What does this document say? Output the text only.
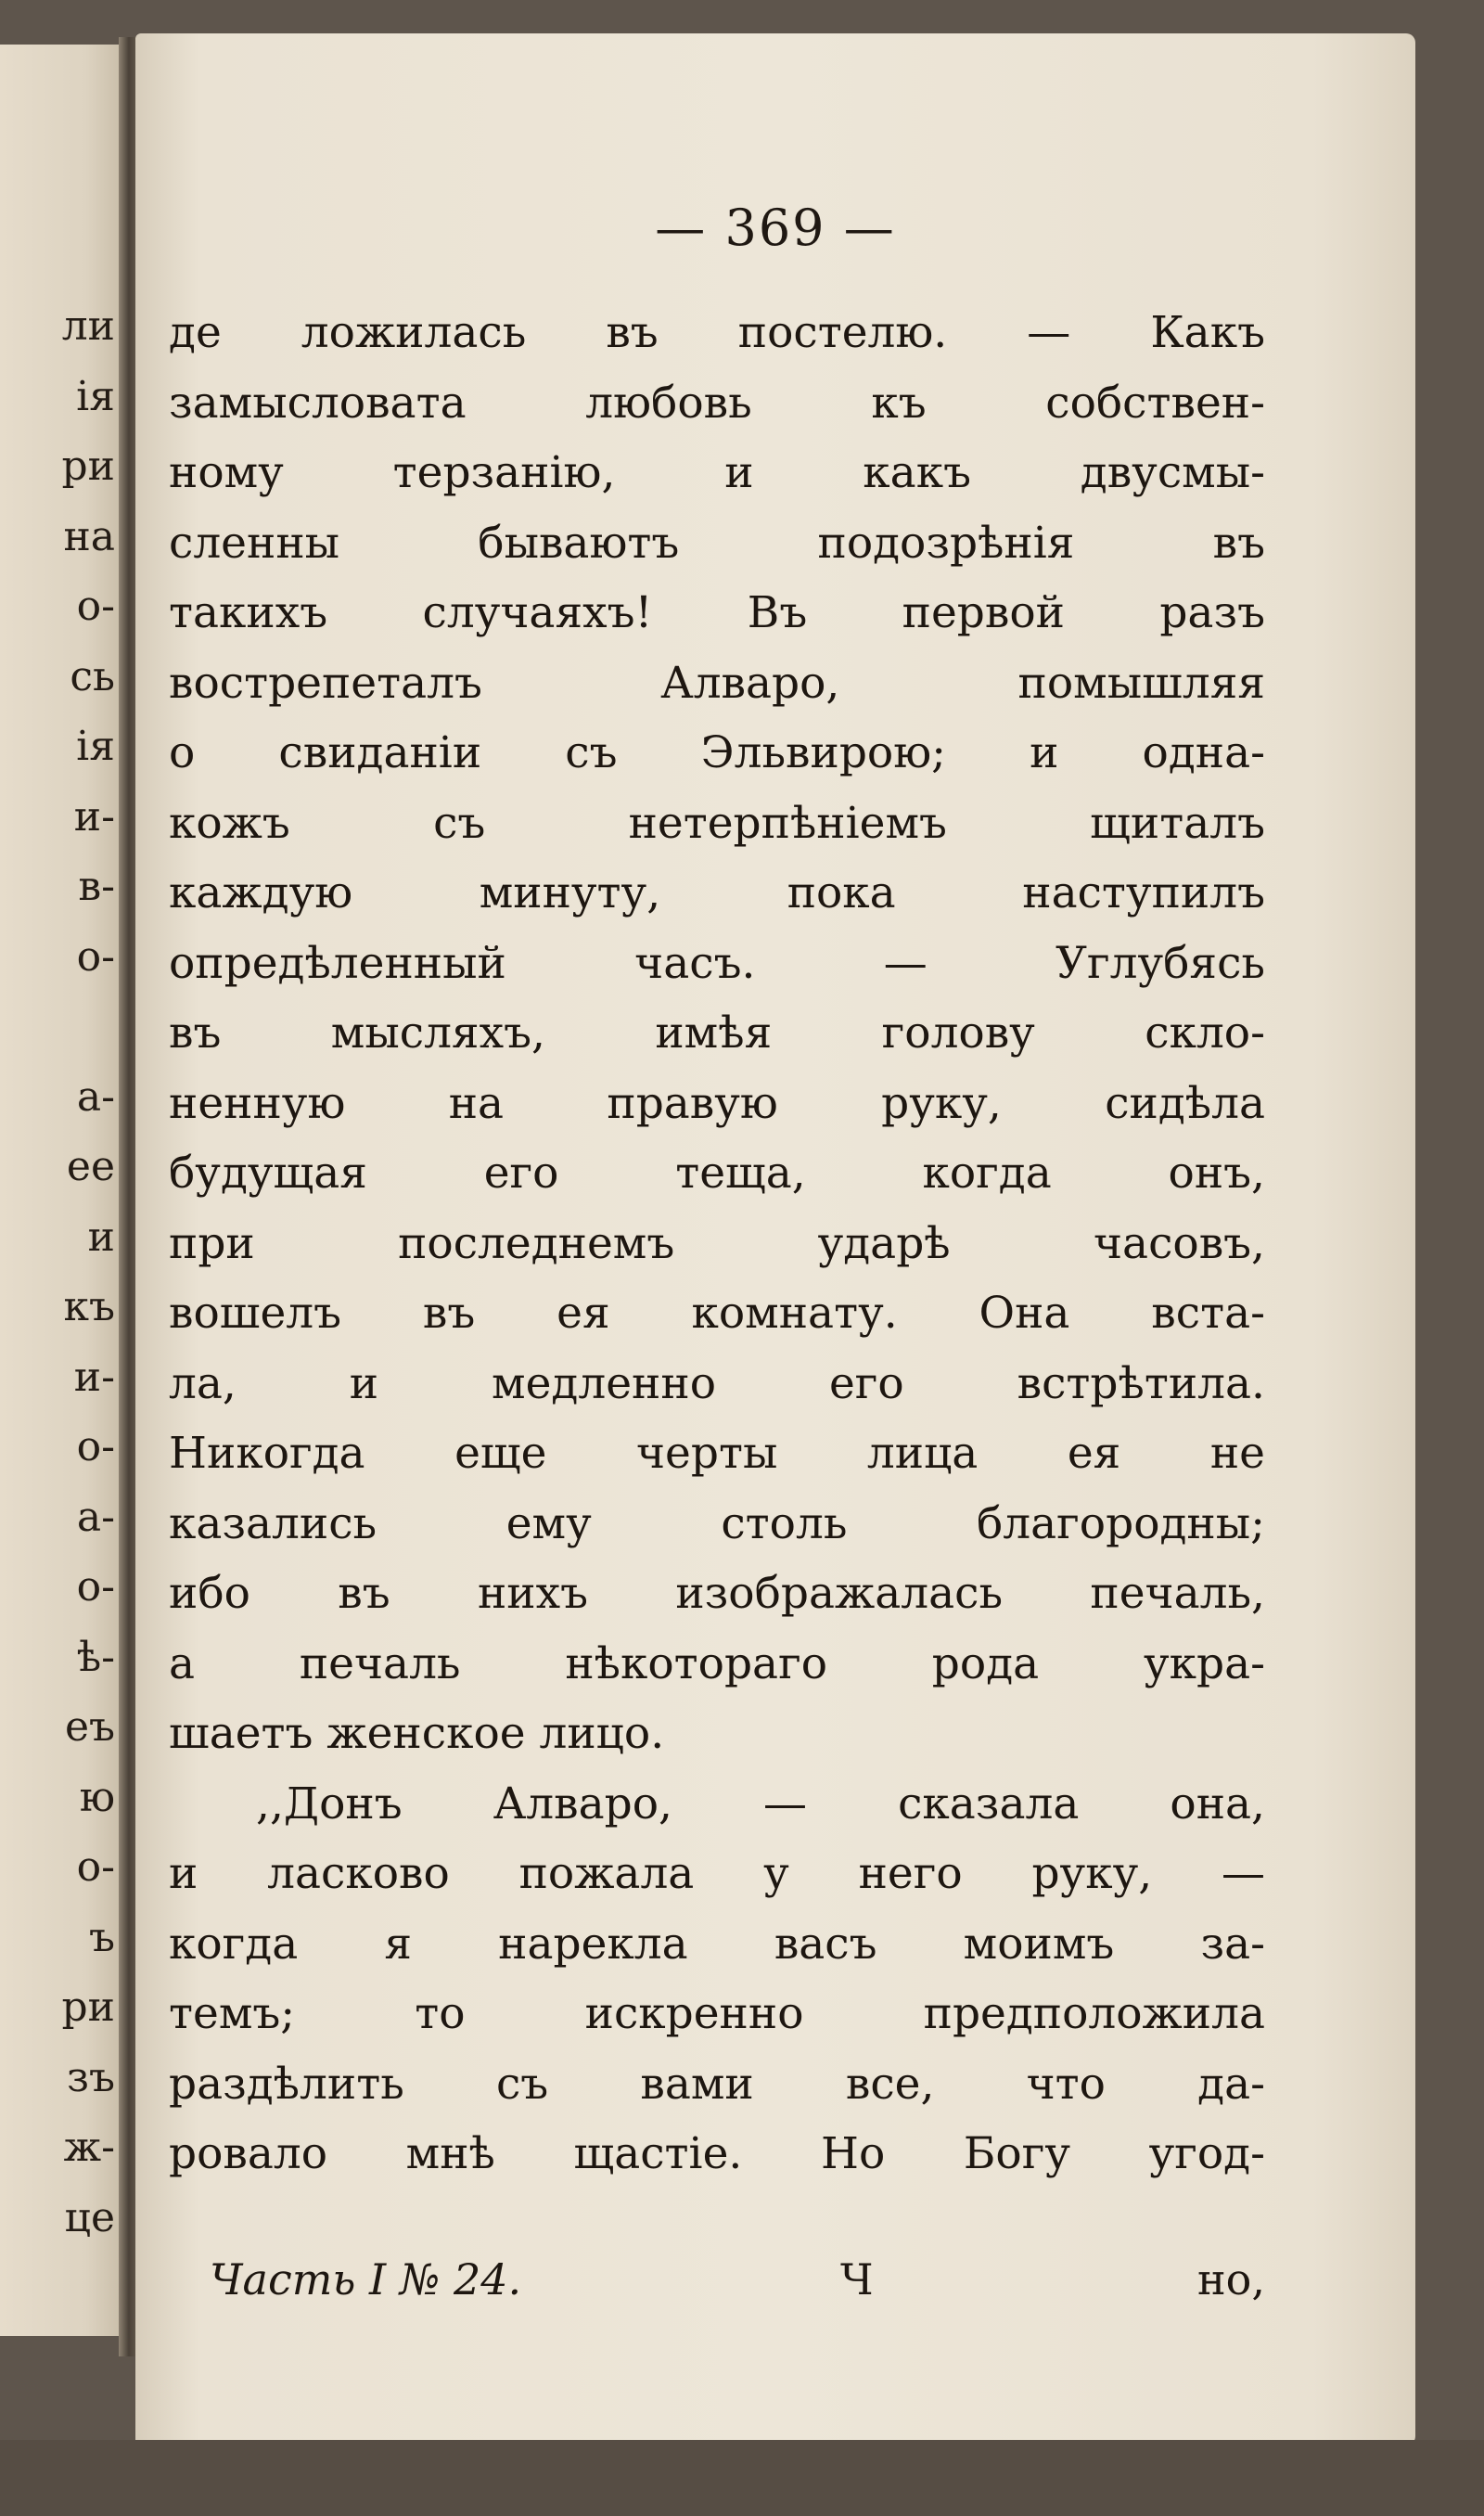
ли
ія
ри
на
о-
сь
ія
и-
в-
о-
а-
ее
и
къ
и-
о-
а-
о-
ѣ-
еъ
ю
о-
ъ
ри
зъ
ж-
це
— 369 —
де ложилась въ постелю. — Какъ
замысловата любовь къ собствен-
ному терзанію, и какъ двусмы-
сленны бываютъ подозрѣнія въ
такихъ случаяхъ! Въ первой разъ
вострепеталъ Алваро, помышляя
о свиданіи съ Эльвирою; и однa-
кожъ съ нетерпѣніемъ щиталъ
каждую минуту, пока наступилъ
опредѣленный часъ. — Углубясь
въ мысляхъ, имѣя голову скло-
ненную на правую руку, сидѣла
будущая его теща, когда онъ,
при последнемъ ударѣ часовъ,
вошелъ въ ея комнату. Она вста-
ла, и медленно его встрѣтила.
Никогда еще черты лица ея не
казались ему столь благородны;
ибо въ нихъ изображалась печаль,
а печаль нѣкотораго рода укра-
шаетъ женское лицо.
,,Донъ Алваро, — сказала она,
и ласково пожала у него руку, —
когда я нарекла васъ моимъ за-
темъ; то искренно предположила
раздѣлить съ вами все, что да-
ровало мнѣ щастіе. Но Богу угод-
Часть I № 24.	Ч	но,
